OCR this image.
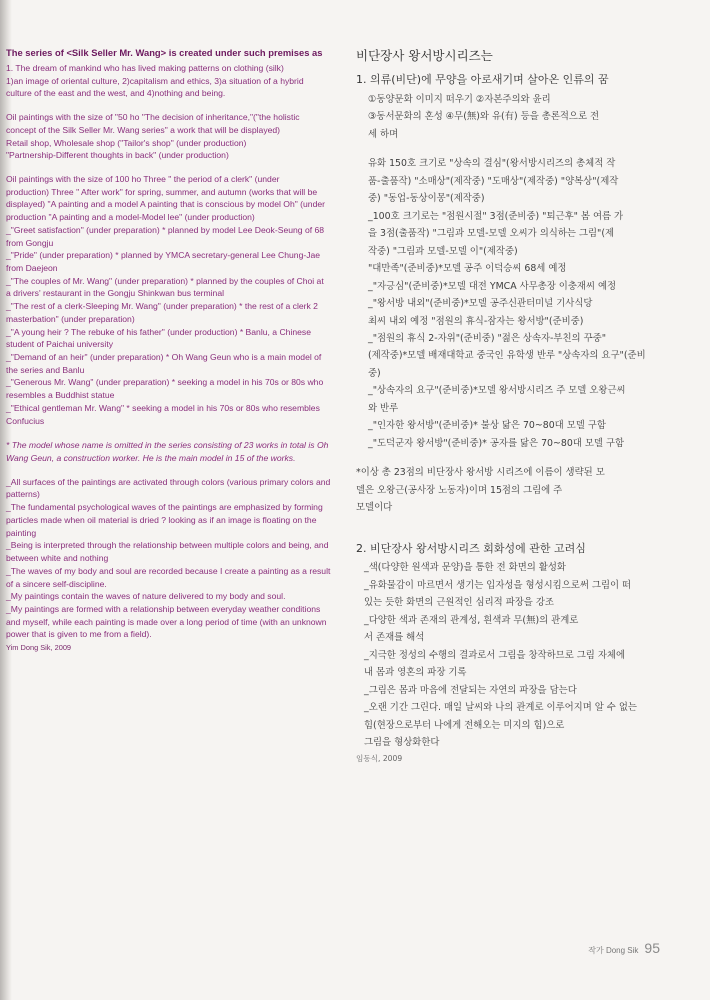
The series of <Silk Seller Mr. Wang> is created under such premises as

1. The dream of mankind who has lived making patterns on clothing (silk)

1)an image of oriental culture, 2)capitalism and ethics, 3)a situation of a hybrid

culture of the east and the west, and 4)nothing and being.

Oil paintings with the size of "50 ho "The decision of inheritance,"("the holistic

concept of the Silk Seller Mr. Wang series" a work that will be displayed)

Retail shop, Wholesale shop ("Tailor's shop" (under production)

"Partnership-Different thoughts in back" (under production)

Oil paintings with the size of 100 ho Three " the period of a clerk" (under

production) Three " After work" for spring, summer, and autumn (works that will be

displayed) "A painting and a model A painting that is conscious by model Oh" (under

production "A painting and a model-Model lee" (under production)

_"Greet satisfaction" (under preparation) * planned by model Lee Deok-Seung of 68

from Gongju

_"Pride" (under preparation) * planned by YMCA secretary-general Lee Chung-Jae

from Daejeon

_"The couples of Mr. Wang" (under preparation) * planned by the couples of Choi at

a drivers' restaurant in the Gongju Shinkwan bus terminal

_"The rest of a clerk-Sleeping Mr. Wang" (under preparation) * the rest of a clerk 2

masterbation" (under preparation)

_"A young heir ? The rebuke of his father" (under production) * Banlu, a Chinese

student of Paichai university

_"Demand of an heir" (under preparation) * Oh Wang Geun who is a main model of

the series and Banlu

_"Generous Mr. Wang" (under preparation) * seeking a model in his 70s or 80s who

resembles a Buddhist statue

_"Ethical gentleman Mr. Wang" * seeking a model in his 70s or 80s who resembles

Confucius

* The model whose name is omitted in the series consisting of 23 works in total is Oh

Wang Geun, a construction worker. He is the main model in 15 of the works.

_All surfaces of the paintings are activated through colors (various primary colors and

patterns)

_The fundamental psychological waves of the paintings are emphasized by forming

particles made when oil material is dried ? looking as if an image is floating on the

painting

_Being is interpreted through the relationship between multiple colors and being, and

between white and nothing

_The waves of my body and soul are recorded because I create a painting as a result

of a sincere self-discipline.

_My paintings contain the waves of nature delivered to my body and soul.

_My paintings are formed with a relationship between everyday weather conditions

and myself, while each painting is made over a long period of time (with an unknown

power that is given to me from a field).

Yim Dong Sik, 2009
비단장사 왕서방시리즈는

1. 의류(비단)에 무양을 아로새기며 살아온 인류의 꿈

①동양문화 이미지 떠우기 ②자본주의와 윤리

③동서문화의 혼성 ④무(無)와 유(有) 등을 총론적으로 전

세 하며

유화 150호 크기로 "상속의 결심"(왕서방시리즈의 총체적 작

품-출품작) "소매상"(제작중) "도매상"(제작중) "양복상"(제작

중) "동업-동상이몽"(제작중)

_100호 크기로는 "점원시절" 3점(준비중) "퇴근후" 봄 여름 가

을 3점(출품작) "그림과 모델-모델 오씨가 의식하는 그림"(제

작중) "그림과 모델-모델 이"(제작중)

"대만족"(준비중)*모델 공주 이덕승씨 68세 예정

_"자긍심"(준비중)*모델 대전 YMCA 사무총장 이충재씨 예정

_"왕서방 내외"(준비중)*모델 공주신관터미널 기사식당

최씨 내외 예정 "점원의 휴식-잠자는 왕서방"(준비중)

_"점원의 휴식 2-자위"(준비중) "젊은 상속자-부친의 꾸중"

(제작중)*모델 배재대학교 중국인 유학생 반루 "상속자의 요구"(준비중)

_"상속자의 요구"(준비중)*모델 왕서방시리즈 주 모델 오왕근씨

와 반루

_"인자한 왕서방"(준비중)* 불상 닮은 70~80대 모델 구함

_"도덕군자 왕서방"(준비중)* 공자를 닮은 70~80대 모델 구함

*이상 총 23점의 비단장사 왕서방 시리즈에 이름이 생략된 모

델은 오왕근(공사장 노동자)이며 15점의 그림에 주

모델이다

2. 비단장사 왕서방시리즈 회화성에 관한 고려심

_색(다양한 원색과 문양)을 통한 전 화면의 활성화

_유화물감이 마르면서 생기는 입자성을 형성시킴으로써 그림이 떠

있는 듯한 화면의 근원적인 심리적 파장을 강조

_다양한 색과 존재의 관계성, 흰색과 무(無)의 관계로

서 존재를 해석

_지극한 정성의 수행의 결과로서 그림을 창작하므로 그림 자체에

내 몸과 영혼의 파장 기록

_그림은 몸과 마음에 전달되는 자연의 파장을 담는다

_오랜 기간 그린다. 매일 날씨와 나의 관계로 이루어지며 알 수 없는

힘(현장으로부터 나에게 전해오는 미지의 힘)으로

그림을 형상화한다

임동식, 2009

작가 Dong Sik 95
